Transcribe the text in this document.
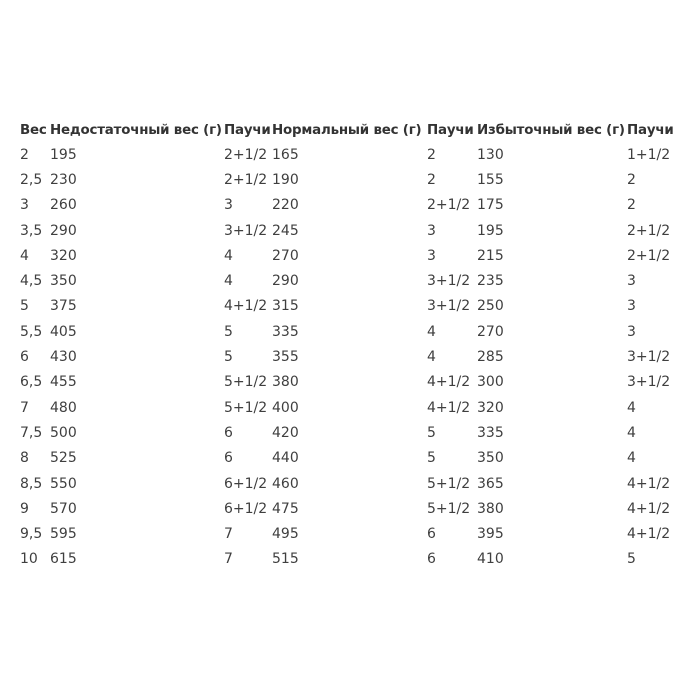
Вес	Недостаточный вес (г)	Паучи	Нормальный вес (г)	Паучи	Избыточный вес (г)	Паучи
2	195	2+1/2	165	2	130	1+1/2
2,5	230	2+1/2	190	2	155	2
3	260	3	220	2+1/2	175	2
3,5	290	3+1/2	245	3	195	2+1/2
4	320	4	270	3	215	2+1/2
4,5	350	4	290	3+1/2	235	3
5	375	4+1/2	315	3+1/2	250	3
5,5	405	5	335	4	270	3
6	430	5	355	4	285	3+1/2
6,5	455	5+1/2	380	4+1/2	300	3+1/2
7	480	5+1/2	400	4+1/2	320	4
7,5	500	6	420	5	335	4
8	525	6	440	5	350	4
8,5	550	6+1/2	460	5+1/2	365	4+1/2
9	570	6+1/2	475	5+1/2	380	4+1/2
9,5	595	7	495	6	395	4+1/2
10	615	7	515	6	410	5
